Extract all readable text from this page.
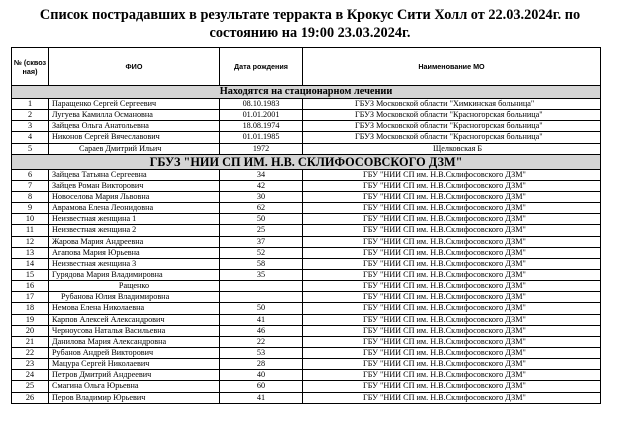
Список пострадавших в результате терракта в Крокус Сити Холл от 22.03.2024г. по
состоянию на 19:00 23.03.2024г.
№ (сквоз ная)	ФИО	Дата рождения	Наименование МО
Находятся на стационарном лечении			
1	Паращенко Сергей Сергеевич	08.10.1983	ГБУЗ Московской области "Химкинская больница"
2	Лугуева Камилла Османовна	01.01.2001	ГБУЗ Московской области "Красногорская больница"
3	Зайцева Ольга Анатольевна	18.08.1974	ГБУЗ Московской области "Красногорская больница"
4	Никонов Сергей Вячеславович	01.01.1985	ГБУЗ Московской области "Красногорская больница"
5	Сараев Дмитрий Ильич	1972	Щелковская Б
ГБУЗ "НИИ СП ИМ. Н.В. СКЛИФОСОВСКОГО ДЗМ"			
6	Зайцева Татьяна Сергеевна	34	ГБУ "НИИ СП им. Н.В.Склифосовского ДЗМ"
7	Зайцев Роман Викторович	42	ГБУ "НИИ СП им. Н.В.Склифосовского ДЗМ"
8	Новоселова Мария Львовна	30	ГБУ "НИИ СП им. Н.В.Склифосовского ДЗМ"
9	Аврамова Елена Леонидовна	62	ГБУ "НИИ СП им. Н.В.Склифосовского ДЗМ"
10	Неизвестная женщина 1	50	ГБУ "НИИ СП им. Н.В.Склифосовского ДЗМ"
11	Неизвестная женщина 2	25	ГБУ "НИИ СП им. Н.В.Склифосовского ДЗМ"
12	Жарова Мария Андреевна	37	ГБУ "НИИ СП им. Н.В.Склифосовского ДЗМ"
13	Агапова Мария Юрьевна	52	ГБУ "НИИ СП им. Н.В.Склифосовского ДЗМ"
14	Неизвестная женщина 3	58	ГБУ "НИИ СП им. Н.В.Склифосовского ДЗМ"
15	Гурядова Мария Владимировна	35	ГБУ "НИИ СП им. Н.В.Склифосовского ДЗМ"
16	Ращенко		ГБУ "НИИ СП им. Н.В.Склифосовского ДЗМ"
17	Рубанова Юлия Владимировна		ГБУ "НИИ СП им. Н.В.Склифосовского ДЗМ"
18	Немова Елена Николаевна	50	ГБУ "НИИ СП им. Н.В.Склифосовского ДЗМ"
19	Карпов Алексей Александрович	41	ГБУ "НИИ СП им. Н.В.Склифосовского ДЗМ"
20	Черноусова Наталья Васильевна	46	ГБУ "НИИ СП им. Н.В.Склифосовского ДЗМ"
21	Данилова Мария Александровна	22	ГБУ "НИИ СП им. Н.В.Склифосовского ДЗМ"
22	Рубанов Андрей Викторович	53	ГБУ "НИИ СП им. Н.В.Склифосовского ДЗМ"
23	Мацура Сергей Николаевич	28	ГБУ "НИИ СП им. Н.В.Склифосовского ДЗМ"
24	Петров Дмитрий Андреевич	40	ГБУ "НИИ СП им. Н.В.Склифосовского ДЗМ"
25	Смагина Ольга Юрьевна	60	ГБУ "НИИ СП им. Н.В.Склифосовского ДЗМ"
26	Перов Владимир Юрьевич	41	ГБУ "НИИ СП им. Н.В.Склифосовского ДЗМ"
